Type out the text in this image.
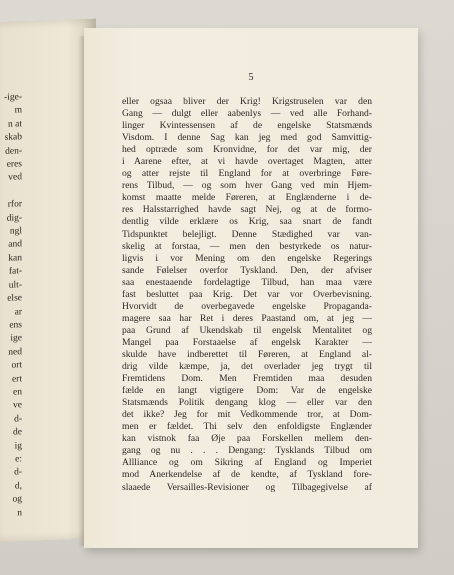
-ige-
m
n at
skab
den-
eres
ved

rfor
dig-
ngl
and
kan
fat-
ult-
else
ar
ens
ige
ned
ort
ert
en
ve
d-
de
ig
e:
d-
d,
og
n
5
eller ogsaa bliver der Krig! Krigstruselen var den
Gang — dulgt eller aabenlys — ved alle Forhand-
linger Kvintessensen af de engelske Statsmænds
Visdom. I denne Sag kan jeg med god Samvittig-
hed optræde som Kronvidne, for det var mig, der
i Aarene efter, at vi havde overtaget Magten, atter
og atter rejste til England for at overbringe Føre-
rens Tilbud, — og som hver Gang ved min Hjem-
komst maatte melde Føreren, at Englænderne i de-
res Halsstarrighed havde sagt Nej, og at de formo-
dentlig vilde erklære os Krig, saa snart de fandt
Tidspunktet belejligt. Denne Stædighed var van-
skelig at forstaa, — men den bestyrkede os natur-
ligvis i vor Mening om den engelske Regerings
sande Følelser overfor Tyskland. Den, der afviser
saa enestaaende fordelagtige Tilbud, han maa være
fast besluttet paa Krig. Det var vor Overbevisning.
Hvorvidt de overbegavede engelske Propaganda-
magere saa har Ret i deres Paastand om, at jeg —
paa Grund af Ukendskab til engelsk Mentalitet og
Mangel paa Forstaaelse af engelsk Karakter —
skulde have indberettet til Føreren, at England al-
drig vilde kæmpe, ja, det overlader jeg trygt til
Fremtidens Dom. Men Fremtiden maa desuden
fælde en langt vigtigere Dom: Var de engelske
Statsmænds Politik dengang klog — eller var den
det ikke? Jeg for mit Vedkommende tror, at Dom-
men er fældet. Thi selv den enfoldigste Englænder
kan vistnok faa Øje paa Forskellen mellem den-
gang og nu . . . Dengang: Tysklands Tilbud om
Allliance og om Sikring af England og Imperiet
mod Anerkendelse af de kendte, af Tyskland fore-
slaaede Versailles-Revisioner og Tilbagegivelse af
